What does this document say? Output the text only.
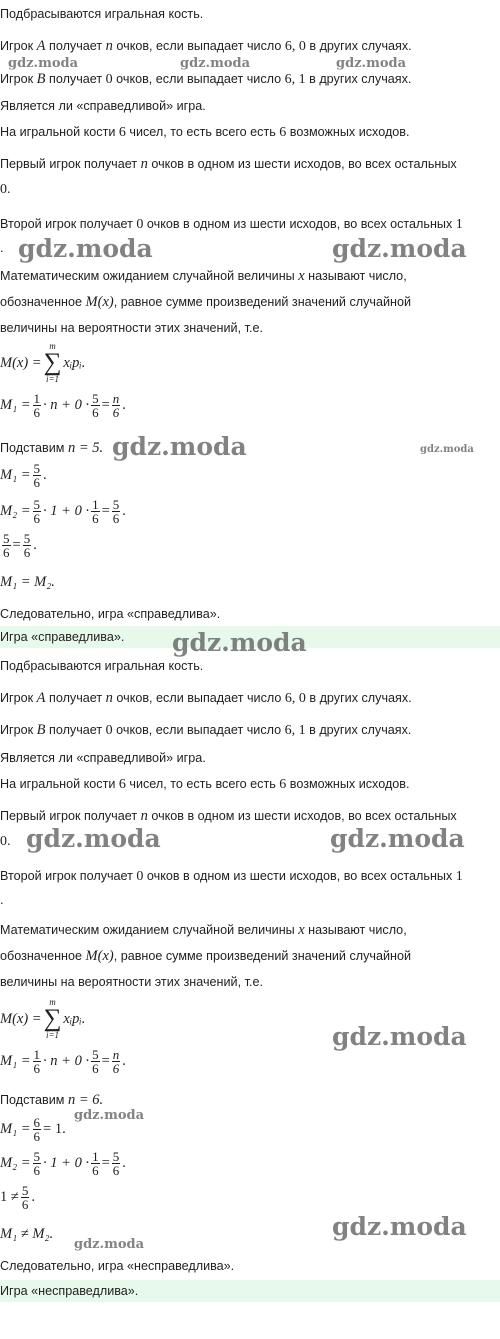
Подбрасываются игральная кость.
Игрок A получает n очков, если выпадает число 6, 0 в других случаях.
Игрок B получает 0 очков, если выпадает число 6, 1 в других случаях.
Является ли «справедливой» игра.
На игральной кости 6 чисел, то есть всего есть 6 возможных исходов.
Первый игрок получает n очков в одном из шести исходов, во всех остальных
0.
Второй игрок получает 0 очков в одном из шести исходов, во всех остальных 1
.
Математическим ожиданием случайной величины x называют число,
обозначенное M(x), равное сумме произведений значений случайной
величины на вероятности этих значений, т.е.
M(x) =
m
∑
i=1
xᵢpᵢ.
$M_1 = \frac{1}{6} \cdot n + 0 \cdot \frac{5}{6} = \frac{n}{6}$ .
Подставим n = 5.
$M_1 = \frac{5}{6}$ .
$M_2 = \frac{5}{6} \cdot 1 + 0 \cdot \frac{1}{6} = \frac{5}{6}$ .
$\frac{5}{6} = \frac{5}{6}$ .
M₁ = M₂.
Следовательно, игра «справедлива».
Игра «справедлива».
Подбрасываются игральная кость.
Игрок A получает n очков, если выпадает число 6, 0 в других случаях.
Игрок B получает 0 очков, если выпадает число 6, 1 в других случаях.
Является ли «справедливой» игра.
На игральной кости 6 чисел, то есть всего есть 6 возможных исходов.
Первый игрок получает n очков в одном из шести исходов, во всех остальных
0.
Второй игрок получает 0 очков в одном из шести исходов, во всех остальных 1
.
Математическим ожиданием случайной величины x называют число,
обозначенное M(x), равное сумме произведений значений случайной
величины на вероятности этих значений, т.е.
M(x) =
m
∑
i=1
xᵢpᵢ.
$M_1 = \frac{1}{6} \cdot n + 0 \cdot \frac{5}{6} = \frac{n}{6}$ .
Подставим n = 6.
$M_1 = \frac{6}{6} = 1$.
$M_2 = \frac{5}{6} \cdot 1 + 0 \cdot \frac{1}{6} = \frac{5}{6}$ .
$1 \ne \frac{5}{6}$ .
M₁ ≠ M₂.
Следовательно, игра «несправедлива».
Игра «несправедлива».
gdz.moda	gdz.moda	gdz.moda
gdz.moda	gdz.moda
gdz.moda	gdz.moda
gdz.moda
gdz.moda	gdz.moda
gdz.moda
gdz.moda
gdz.moda
gdz.moda
